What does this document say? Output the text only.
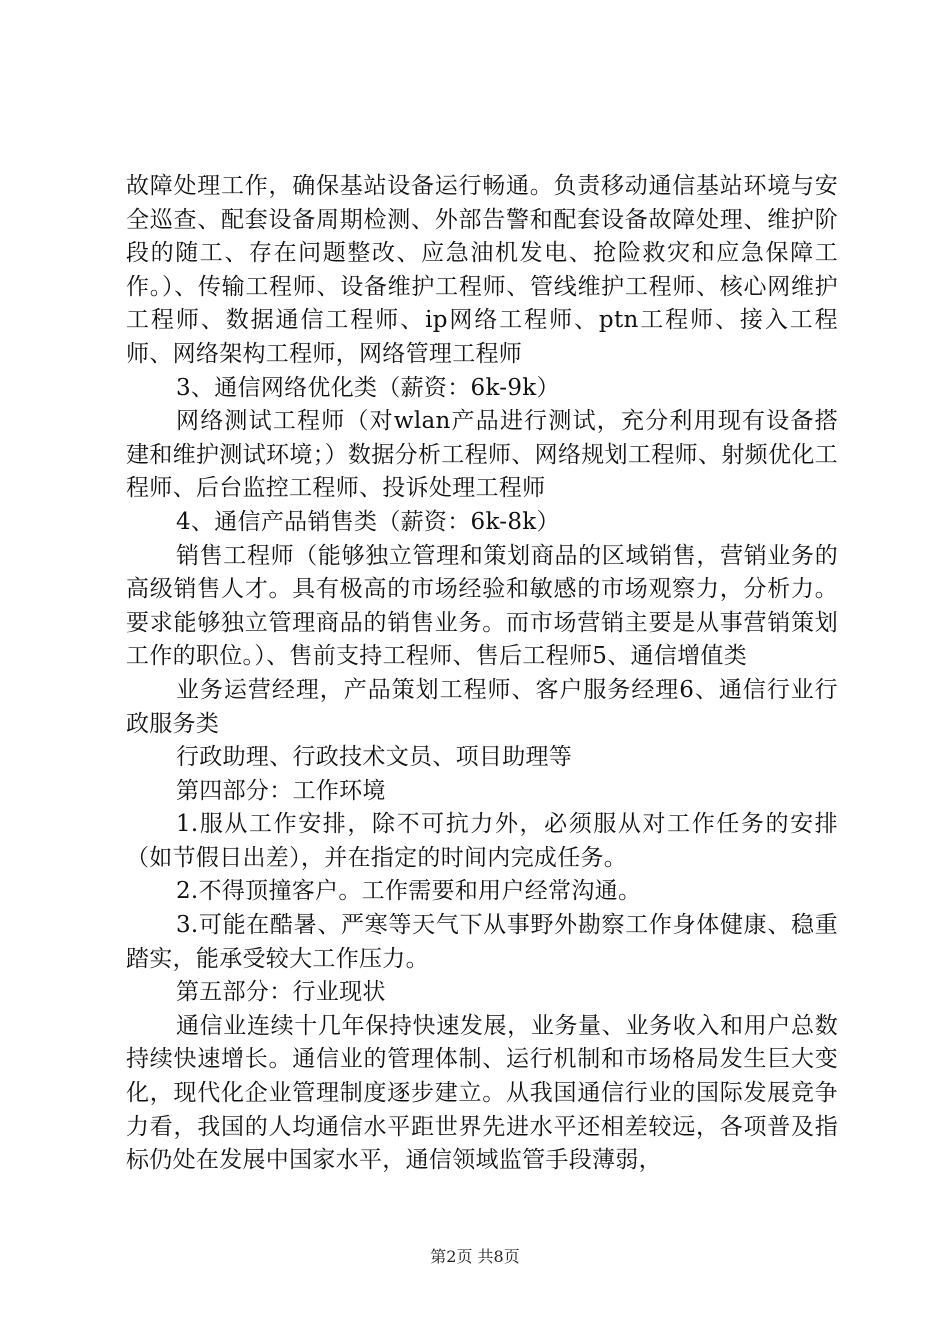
故障处理工作，确保基站设备运行畅通。负责移动通信基站环境与安全巡查、配套设备周期检测、外部告警和配套设备故障处理、维护阶段的随工、存在问题整改、应急油机发电、抢险救灾和应急保障工作。）、传输工程师、设备维护工程师、管线维护工程师、核心网维护工程师、数据通信工程师、ip网络工程师、ptn工程师、接入工程师、网络架构工程师，网络管理工程师

3、通信网络优化类（薪资：6k-9k）

网络测试工程师（对wlan产品进行测试，充分利用现有设备搭建和维护测试环境；）数据分析工程师、网络规划工程师、射频优化工程师、后台监控工程师、投诉处理工程师

4、通信产品销售类（薪资：6k-8k）

销售工程师（能够独立管理和策划商品的区域销售，营销业务的高级销售人才。具有极高的市场经验和敏感的市场观察力，分析力。要求能够独立管理商品的销售业务。而市场营销主要是从事营销策划工作的职位。）、售前支持工程师、售后工程师5、通信增值类

业务运营经理，产品策划工程师、客户服务经理6、通信行业行政服务类

行政助理、行政技术文员、项目助理等

第四部分：工作环境

1.服从工作安排，除不可抗力外，必须服从对工作任务的安排（如节假日出差），并在指定的时间内完成任务。

2.不得顶撞客户。工作需要和用户经常沟通。

3.可能在酷暑、严寒等天气下从事野外勘察工作身体健康、稳重踏实，能承受较大工作压力。

第五部分：行业现状

通信业连续十几年保持快速发展，业务量、业务收入和用户总数持续快速增长。通信业的管理体制、运行机制和市场格局发生巨大变化，现代化企业管理制度逐步建立。从我国通信行业的国际发展竞争力看，我国的人均通信水平距世界先进水平还相差较远，各项普及指标仍处在发展中国家水平，通信领域监管手段薄弱，

第2页 共8页
